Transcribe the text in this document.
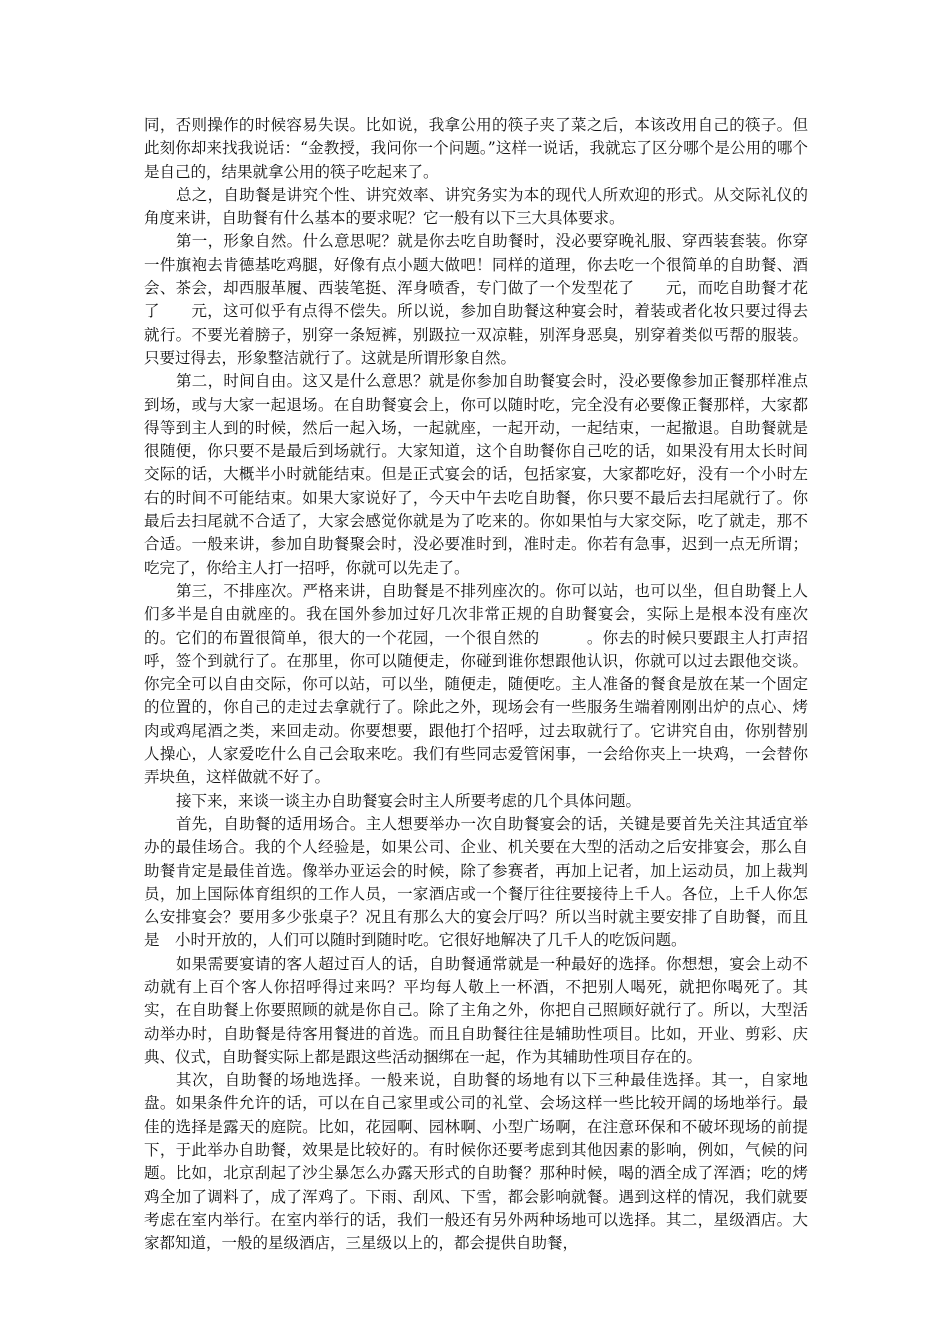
同，否则操作的时候容易失误。比如说，我拿公用的筷子夹了菜之后，本该改用自己的筷子。但此刻你却来找我说话：“金教授，我问你一个问题。”这样一说话，我就忘了区分哪个是公用的哪个是自己的，结果就拿公用的筷子吃起来了。

总之，自助餐是讲究个性、讲究效率、讲究务实为本的现代人所欢迎的形式。从交际礼仪的角度来讲，自助餐有什么基本的要求呢？它一般有以下三大具体要求。

第一，形象自然。什么意思呢？就是你去吃自助餐时，没必要穿晚礼服、穿西装套装。你穿一件旗袍去肯德基吃鸡腿，好像有点小题大做吧！同样的道理，你去吃一个很简单的自助餐、酒会、茶会，却西服革履、西装笔挺、浑身喷香，专门做了一个发型花了　　元，而吃自助餐才花了　　元，这可似乎有点得不偿失。所以说，参加自助餐这种宴会时，着装或者化妆只要过得去就行。不要光着膀子，别穿一条短裤，别趿拉一双凉鞋，别浑身恶臭，别穿着类似丐帮的服装。只要过得去，形象整洁就行了。这就是所谓形象自然。

第二，时间自由。这又是什么意思？就是你参加自助餐宴会时，没必要像参加正餐那样准点到场，或与大家一起退场。在自助餐宴会上，你可以随时吃，完全没有必要像正餐那样，大家都得等到主人到的时候，然后一起入场，一起就座，一起开动，一起结束，一起撤退。自助餐就是很随便，你只要不是最后到场就行。大家知道，这个自助餐你自己吃的话，如果没有用太长时间交际的话，大概半小时就能结束。但是正式宴会的话，包括家宴，大家都吃好，没有一个小时左右的时间不可能结束。如果大家说好了，今天中午去吃自助餐，你只要不最后去扫尾就行了。你最后去扫尾就不合适了，大家会感觉你就是为了吃来的。你如果怕与大家交际，吃了就走，那不合适。一般来讲，参加自助餐聚会时，没必要准时到，准时走。你若有急事，迟到一点无所谓；吃完了，你给主人打一招呼，你就可以先走了。

第三，不排座次。严格来讲，自助餐是不排列座次的。你可以站，也可以坐，但自助餐上人们多半是自由就座的。我在国外参加过好几次非常正规的自助餐宴会，实际上是根本没有座次的。它们的布置很简单，很大的一个花园，一个很自然的　　　。你去的时候只要跟主人打声招呼，签个到就行了。在那里，你可以随便走，你碰到谁你想跟他认识，你就可以过去跟他交谈。你完全可以自由交际，你可以站，可以坐，随便走，随便吃。主人准备的餐食是放在某一个固定的位置的，你自己的走过去拿就行了。除此之外，现场会有一些服务生端着刚刚出炉的点心、烤肉或鸡尾酒之类，来回走动。你要想要，跟他打个招呼，过去取就行了。它讲究自由，你别替别人操心，人家爱吃什么自己会取来吃。我们有些同志爱管闲事，一会给你夹上一块鸡，一会替你弄块鱼，这样做就不好了。

接下来，来谈一谈主办自助餐宴会时主人所要考虑的几个具体问题。

首先，自助餐的适用场合。主人想要举办一次自助餐宴会的话，关键是要首先关注其适宜举办的最佳场合。我的个人经验是，如果公司、企业、机关要在大型的活动之后安排宴会，那么自助餐肯定是最佳首选。像举办亚运会的时候，除了参赛者，再加上记者，加上运动员，加上裁判员，加上国际体育组织的工作人员，一家酒店或一个餐厅往往要接待上千人。各位，上千人你怎么安排宴会？要用多少张桌子？况且有那么大的宴会厅吗？所以当时就主要安排了自助餐，而且是　小时开放的，人们可以随时到随时吃。它很好地解决了几千人的吃饭问题。

如果需要宴请的客人超过百人的话，自助餐通常就是一种最好的选择。你想想，宴会上动不动就有上百个客人你招呼得过来吗？平均每人敬上一杯酒，不把别人喝死，就把你喝死了。其实，在自助餐上你要照顾的就是你自己。除了主角之外，你把自己照顾好就行了。所以，大型活动举办时，自助餐是待客用餐进的首选。而且自助餐往往是辅助性项目。比如，开业、剪彩、庆典、仪式，自助餐实际上都是跟这些活动捆绑在一起，作为其辅助性项目存在的。

其次，自助餐的场地选择。一般来说，自助餐的场地有以下三种最佳选择。其一，自家地盘。如果条件允许的话，可以在自己家里或公司的礼堂、会场这样一些比较开阔的场地举行。最佳的选择是露天的庭院。比如，花园啊、园林啊、小型广场啊，在注意环保和不破坏现场的前提下，于此举办自助餐，效果是比较好的。有时候你还要考虑到其他因素的影响，例如，气候的问题。比如，北京刮起了沙尘暴怎么办露天形式的自助餐？那种时候，喝的酒全成了浑酒；吃的烤鸡全加了调料了，成了浑鸡了。下雨、刮风、下雪，都会影响就餐。遇到这样的情况，我们就要考虑在室内举行。在室内举行的话，我们一般还有另外两种场地可以选择。其二，星级酒店。大家都知道，一般的星级酒店，三星级以上的，都会提供自助餐，
